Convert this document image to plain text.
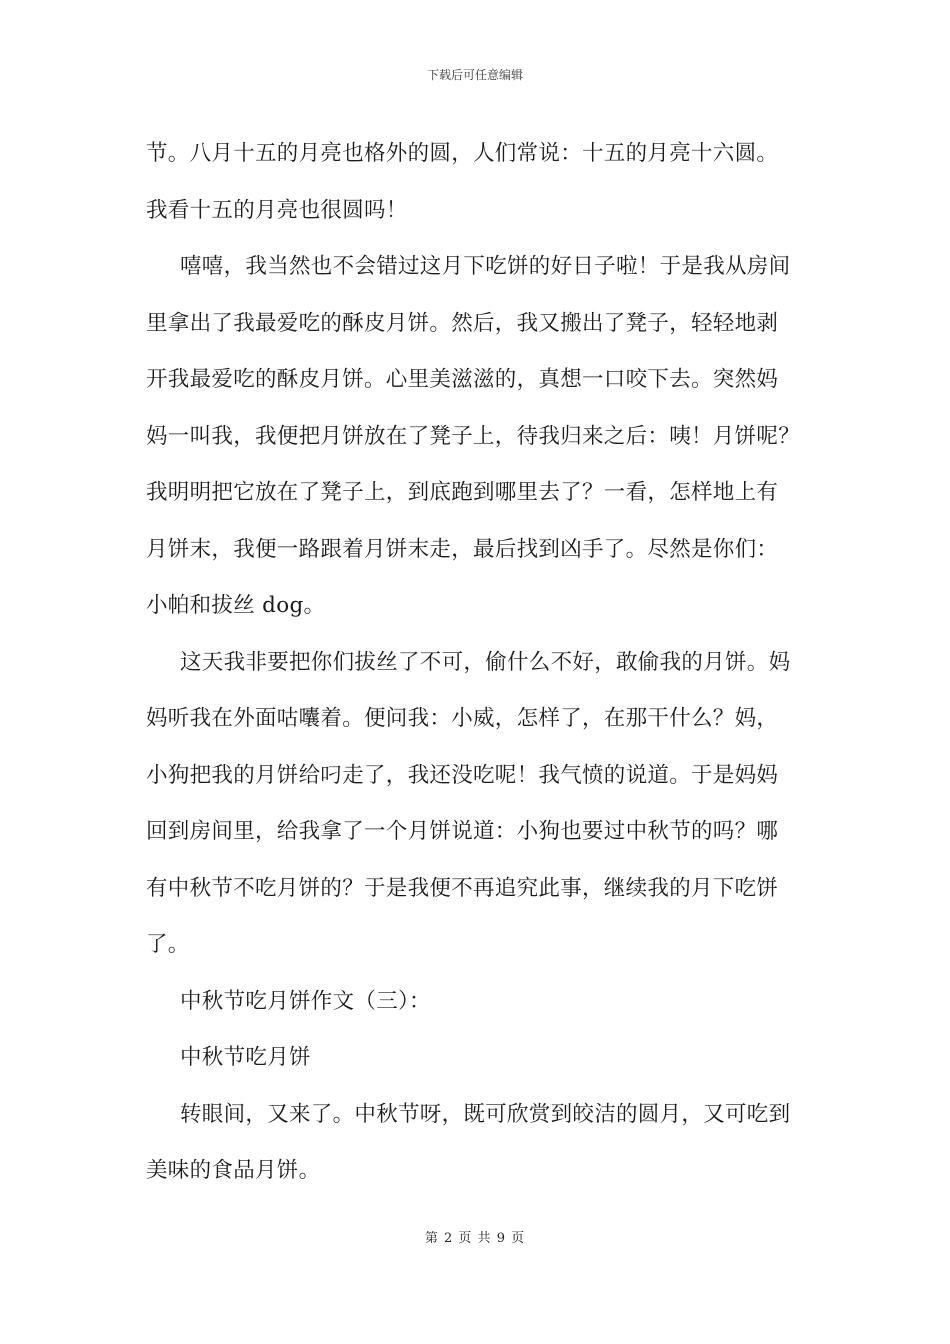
下载后可任意编辑
节。八月十五的月亮也格外的圆，人们常说：十五的月亮十六圆。
我看十五的月亮也很圆吗！
嘻嘻，我当然也不会错过这月下吃饼的好日子啦！于是我从房间
里拿出了我最爱吃的酥皮月饼。然后，我又搬出了凳子，轻轻地剥
开我最爱吃的酥皮月饼。心里美滋滋的，真想一口咬下去。突然妈
妈一叫我，我便把月饼放在了凳子上，待我归来之后：咦！月饼呢？
我明明把它放在了凳子上，到底跑到哪里去了？一看，怎样地上有
月饼末，我便一路跟着月饼末走，最后找到凶手了。尽然是你们：
小帕和拔丝 dog。
这天我非要把你们拔丝了不可，偷什么不好，敢偷我的月饼。妈
妈听我在外面咕囔着。便问我：小威，怎样了，在那干什么？妈，
小狗把我的月饼给叼走了，我还没吃呢！我气愤的说道。于是妈妈
回到房间里，给我拿了一个月饼说道：小狗也要过中秋节的吗？哪
有中秋节不吃月饼的？于是我便不再追究此事，继续我的月下吃饼
了。
中秋节吃月饼作文（三）：
中秋节吃月饼
转眼间，又来了。中秋节呀，既可欣赏到皎洁的圆月，又可吃到
美味的食品月饼。
第 2 页 共 9 页
